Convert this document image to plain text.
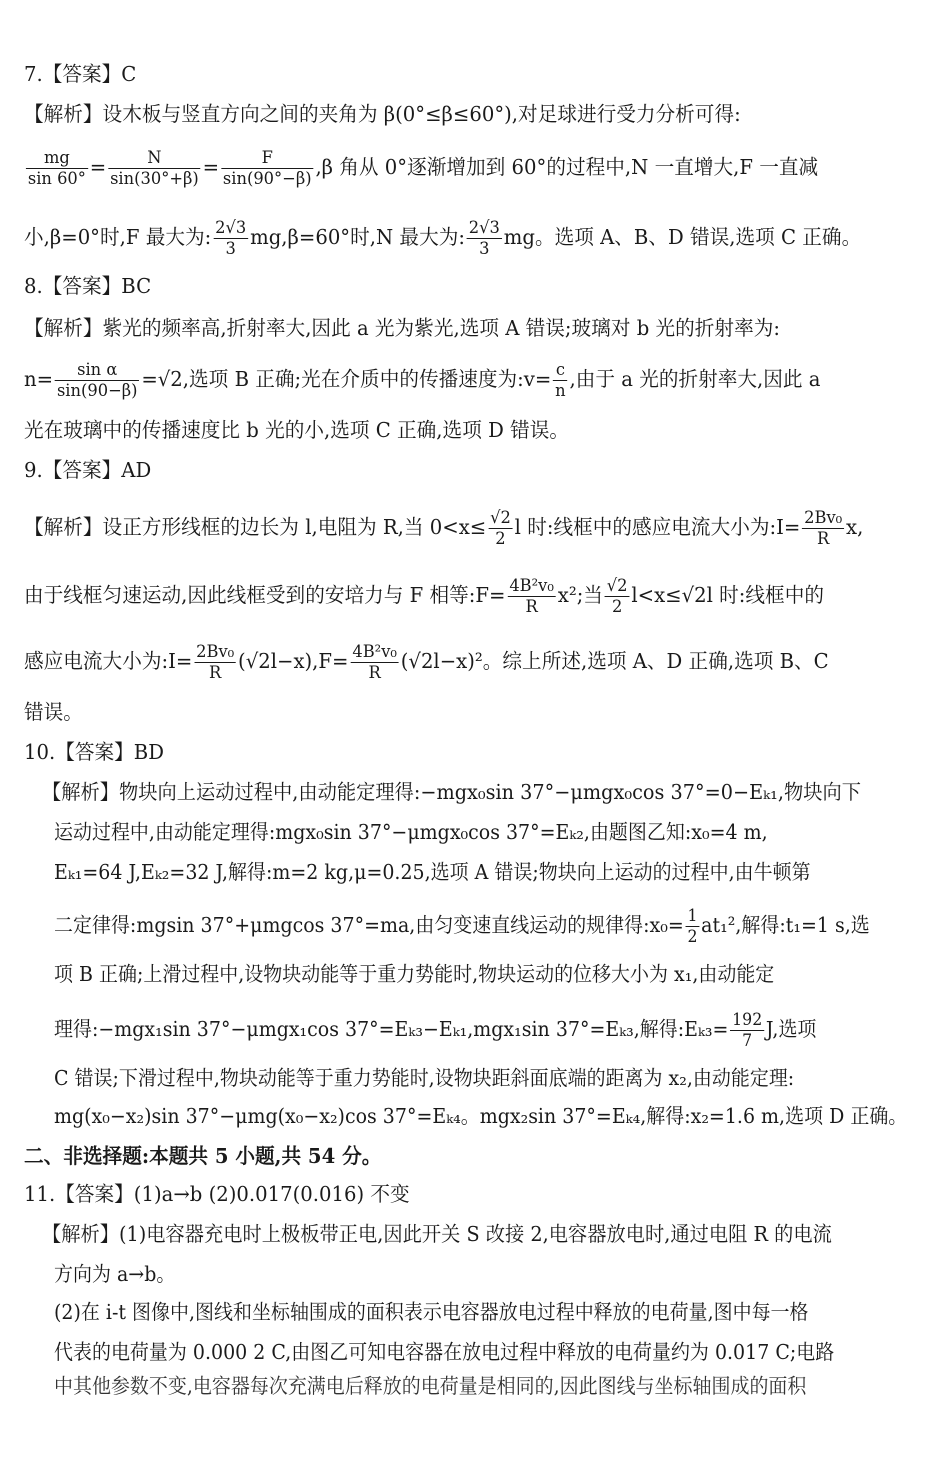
7.【答案】C
【解析】设木板与竖直方向之间的夹角为 β(0°≤β≤60°),对足球进行受力分析可得:
$\frac{mg}{\sin 60^\circ} = \frac{N}{\sin(30^\circ+\beta)} = \frac{F}{\sin(90^\circ-\beta)} ,\beta$ 角从 0°逐渐增加到 60°的过程中,N 一直增大,F 一直减
小,β=0°时,F 最大为: $\frac{2√3}{3} mg,\beta=60^\circ$时,N 最大为: $\frac{2√3}{3}$ mg。选项 A、B、D 错误,选项 C 正确。
8.【答案】BC
【解析】紫光的频率高,折射率大,因此 a 光为紫光,选项 A 错误;玻璃对 b 光的折射率为:
$n= \frac{\text{sin α}}{\sin(90-\beta)} =√2$,选项 B 正确;光在介质中的传播速度为:v= $\frac{c}{n}$ ,由于 a 光的折射率大,因此 a
光在玻璃中的传播速度比 b 光的小,选项 C 正确,选项 D 错误。
9.【答案】AD
【解析】设正方形线框的边长为 l,电阻为 R,当 $0<x\le \frac{√2}{2}$ l 时:线框中的感应电流大小为:I= $\frac{\text{2Bv₀}}{R} x$,
由于线框匀速运动,因此线框受到的安培力与 F 相等:F= $\frac{\text{4B²v₀}}{R} x^2$;当 $\frac{√2}{2} l<x\le√2l$ 时:线框中的
感应电流大小为:I= $\frac{\text{2Bv₀}}{R} (√2l-x),F= \frac{\text{4B²v₀}}{R} (√2l-x)^2$。综上所述,选项 A、D 正确,选项 B、C
错误。
10.【答案】BD
【解析】物块向上运动过程中,由动能定理得:−mgx₀sin 37°−μmgx₀cos 37°=0−Eₖ₁,物块向下
运动过程中,由动能定理得:mgx₀sin 37°−μmgx₀cos 37°=Eₖ₂,由题图乙知:x₀=4 m,
Eₖ₁=64 J,Eₖ₂=32 J,解得:m=2 kg,μ=0.25,选项 A 错误;物块向上运动的过程中,由牛顿第
二定律得:mgsin 37°+μmgcos 37°=ma,由匀变速直线运动的规律得:x₀= $\frac{1}{2} at_1^2$,解得:t₁=1 s,选
项 B 正确;上滑过程中,设物块动能等于重力势能时,物块运动的位移大小为 x₁,由动能定
理得:−mgx₁sin 37°−μmgx₁cos 37°=Eₖ₃−Eₖ₁,mgx₁sin 37°=Eₖ₃,解得:Eₖ₃= $\frac{192}{7} J$,选项
C 错误;下滑过程中,物块动能等于重力势能时,设物块距斜面底端的距离为 x₂,由动能定理:
mg(x₀−x₂)sin 37°−μmg(x₀−x₂)cos 37°=Eₖ₄。mgx₂sin 37°=Eₖ₄,解得:x₂=1.6 m,选项 D 正确。
二、非选择题:本题共 5 小题,共 54 分。
11.【答案】(1)a→b (2)0.017(0.016) 不变
【解析】(1)电容器充电时上极板带正电,因此开关 S 改接 2,电容器放电时,通过电阻 R 的电流
方向为 a→b。
(2)在 i-t 图像中,图线和坐标轴围成的面积表示电容器放电过程中释放的电荷量,图中每一格
代表的电荷量为 0.000 2 C,由图乙可知电容器在放电过程中释放的电荷量约为 0.017 C;电路
中其他参数不变,电容器每次充满电后释放的电荷量是相同的,因此图线与坐标轴围成的面积
